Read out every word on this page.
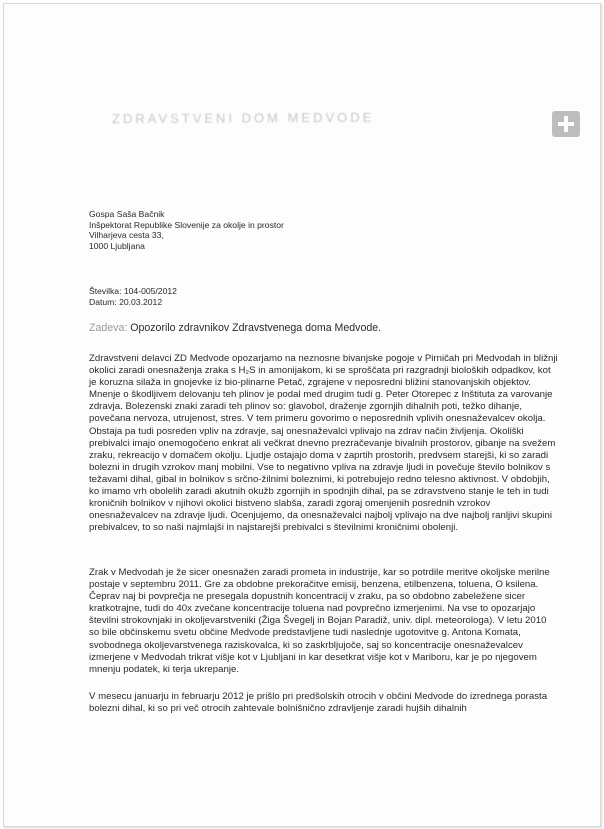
ZDRAVSTVENI DOM MEDVODE
Gospa Saša Bačnik
Inšpektorat Republike Slovenije za okolje in prostor
Vilharjeva cesta 33,
1000 Ljubljana
Številka: 104-005/2012
Datum: 20.03.2012
Zadeva: Opozorilo zdravnikov Zdravstvenega doma Medvode.

Zdravstveni delavci ZD Medvode opozarjamo na neznosne bivanjske pogoje v Pirničah pri Medvodah in bližnji okolici zaradi onesnaženja zraka s H₂S in amonijakom, ki se sproščata pri razgradnji bioloških odpadkov, kot je koruzna silaža in gnojevke iz bio-plinarne Petač, zgrajene v neposredni bližini stanovanjskih objektov. Mnenje o škodljivem delovanju teh plinov je podal med drugim tudi g. Peter Otorepec z Inštituta za varovanje zdravja. Bolezenski znaki zaradi teh plinov so: glavobol, draženje zgornjih dihalnih poti, težko dihanje, povečana nervoza, utrujenost, stres. V tem primeru govorimo o neposrednih vplivih onesnaževalcev okolja.

Obstaja pa tudi posreden vpliv na zdravje, saj onesnaževalci vplivajo na zdrav način življenja. Okoliški prebivalci imajo onemogočeno enkrat ali večkrat dnevno prezračevanje bivalnih prostorov, gibanje na svežem zraku, rekreacijo v domačem okolju. Ljudje ostajajo doma v zaprtih prostorih, predvsem starejši, ki so zaradi bolezni in drugih vzrokov manj mobilni. Vse to negativno vpliva na zdravje ljudi in povečuje število bolnikov s težavami dihal, gibal in bolnikov s srčno-žilnimi boleznimi, ki potrebujejo redno telesno aktivnost. V obdobjih, ko imamo vrh obolelih zaradi akutnih okužb zgornjih in spodnjih dihal, pa se zdravstveno stanje le teh in tudi kroničnih bolnikov v njihovi okolici bistveno slabša, zaradi zgoraj omenjenih posrednih vzrokov onesnaževalcev na zdravje ljudi. Ocenjujemo, da onesnaževalci najbolj vplivajo na dve najbolj ranljivi skupini prebivalcev, to so naši najmlajši in najstarejši prebivalci s številnimi kroničnimi obolenji.

Zrak v Medvodah je že sicer onesnažen zaradi prometa in industrije, kar so potrdile meritve okoljske merilne postaje v septembru 2011. Gre za obdobne prekoračitve emisij, benzena, etilbenzena, toluena, O ksilena. Čeprav naj bi povprečja ne presegala dopustnih koncentracij v zraku, pa so obdobno zabeležene sicer kratkotrajne, tudi do 40x zvečane koncentracije toluena nad povprečno izmerjenimi. Na vse to opozarjajo številni strokovnjaki in okoljevarstveniki (Žiga Švegelj in Bojan Paradiž, univ. dipl. meteorologa). V letu 2010 so bile občinskemu svetu občine Medvode predstavljene tudi naslednje ugotovitve g. Antona Komata, svobodnega okoljevarstvenega raziskovalca, ki so zaskrbljujoče, saj so koncentracije onesnaževalcev izmerjene v Medvodah trikrat višje kot v Ljubljani in kar desetkrat višje kot v Mariboru, kar je po njegovem mnenju podatek, ki terja ukrepanje.

V mesecu januarju in februarju 2012 je prišlo pri predšolskih otrocih v občini Medvode do izrednega porasta bolezni dihal, ki so pri več otrocih zahtevale bolnišnično zdravljenje zaradi hujših dihalnih
